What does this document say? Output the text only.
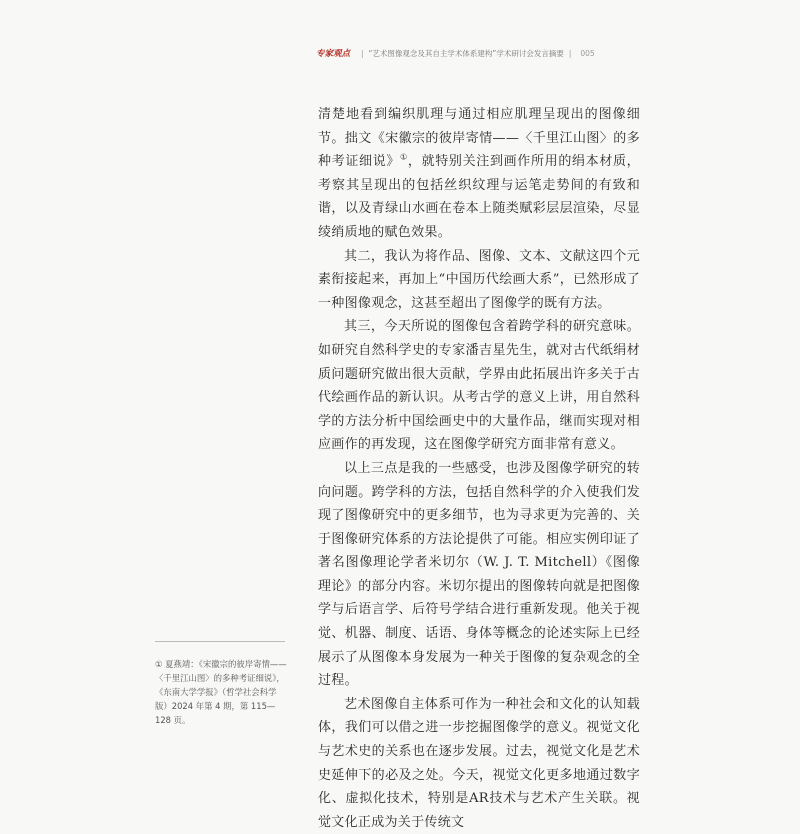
专家观点 | “艺术图像观念及其自主学术体系建构”学术研讨会发言摘要 | 005

清楚地看到编织肌理与通过相应肌理呈现出的图像细节。拙文《宋徽宗的彼岸寄情——〈千里江山图〉的多种考证细说》①，就特别关注到画作所用的绢本材质，考察其呈现出的包括丝织纹理与运笔走势间的有致和谐，以及青绿山水画在卷本上随类赋彩层层渲染，尽显绫绡质地的赋色效果。

其二，我认为将作品、图像、文本、文献这四个元素衔接起来，再加上“中国历代绘画大系”，已然形成了一种图像观念，这甚至超出了图像学的既有方法。

其三，今天所说的图像包含着跨学科的研究意味。如研究自然科学史的专家潘吉星先生，就对古代纸绢材质问题研究做出很大贡献，学界由此拓展出许多关于古代绘画作品的新认识。从考古学的意义上讲，用自然科学的方法分析中国绘画史中的大量作品，继而实现对相应画作的再发现，这在图像学研究方面非常有意义。

以上三点是我的一些感受，也涉及图像学研究的转向问题。跨学科的方法，包括自然科学的介入使我们发现了图像研究中的更多细节，也为寻求更为完善的、关于图像研究体系的方法论提供了可能。相应实例印证了著名图像理论学者米切尔（W. J. T. Mitchell）《图像理论》的部分内容。米切尔提出的图像转向就是把图像学与后语言学、后符号学结合进行重新发现。他关于视觉、机器、制度、话语、身体等概念的论述实际上已经展示了从图像本身发展为一种关于图像的复杂观念的全过程。

艺术图像自主体系可作为一种社会和文化的认知载体，我们可以借之进一步挖掘图像学的意义。视觉文化与艺术史的关系也在逐步发展。过去，视觉文化是艺术史延伸下的必及之处。今天，视觉文化更多地通过数字化、虚拟化技术，特别是AR技术与艺术产生关联。视觉文化正成为关于传统文

① 夏燕靖：《宋徽宗的彼岸寄情——〈千里江山图〉的多种考证细说》，《东南大学学报》（哲学社会科学版）2024 年第 4 期，第 115—128 页。
